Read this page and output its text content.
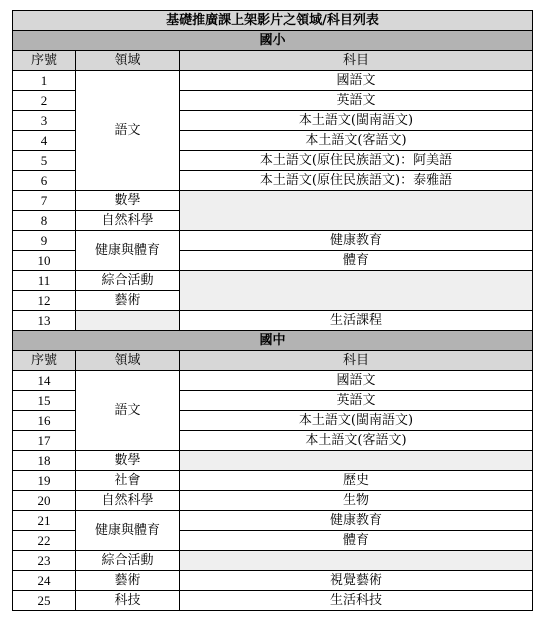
基礎推廣課上架影片之領域/科目列表		
國小		
序號	領域	科目
1	語文	國語文
2		英語文
3		本土語文(閩南語文)
4		本土語文(客語文)
5		本土語文(原住民族語文)：阿美語
6		本土語文(原住民族語文)：泰雅語
7	數學	
8	自然科學	
9	健康與體育	健康教育
10		體育
11	綜合活動	
12	藝術	
13		生活課程
國中		
序號	領域	科目
14	語文	國語文
15		英語文
16		本土語文(閩南語文)
17		本土語文(客語文)
18	數學	
19	社會	歷史
20	自然科學	生物
21	健康與體育	健康教育
22		體育
23	綜合活動	
24	藝術	視覺藝術
25	科技	生活科技
